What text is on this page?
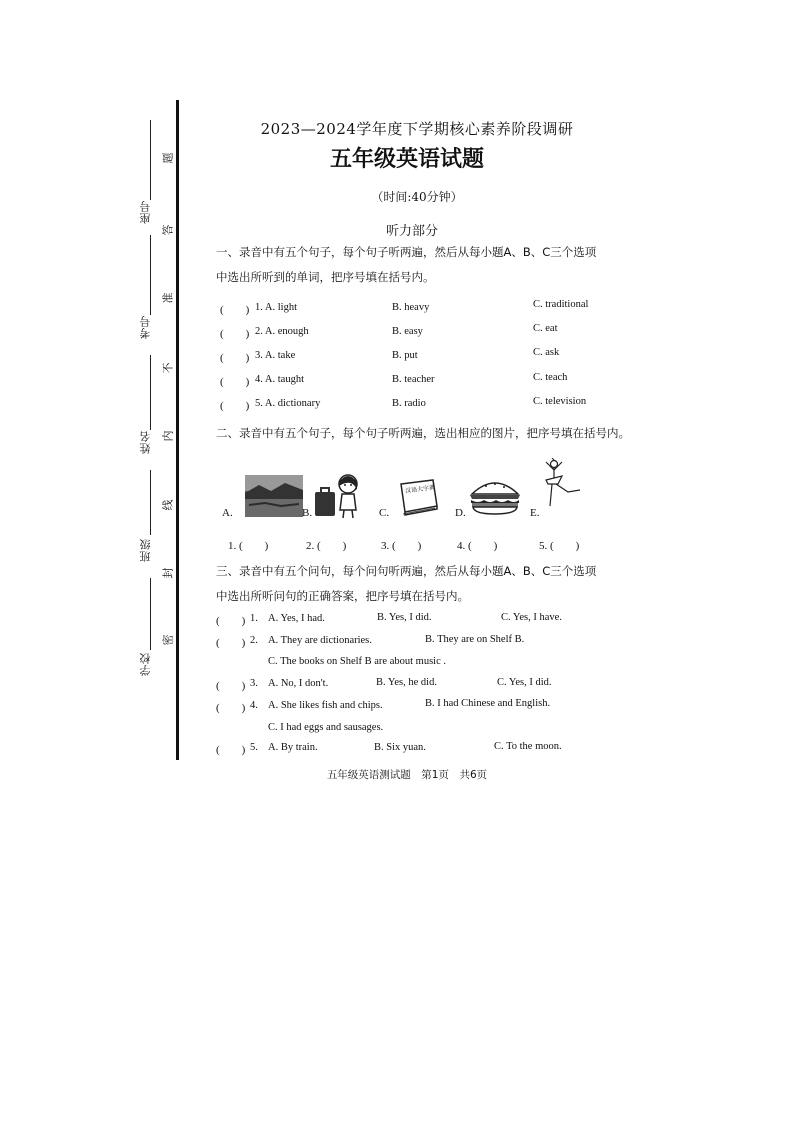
座号
考号
姓名
班级
学校
题
答
准
不
内
线
封
密
2023—2024学年度下学期核心素养阶段调研
五年级英语试题
（时间:40分钟）
听力部分
一、录音中有五个句子，每个句子听两遍，然后从每小题A、B、C三个选项
中选出所听到的单词，把序号填在括号内。
(　　) 1. A. light	B. heavy	C. traditional
(　　) 2. A. enough	B. easy	C. eat
(　　) 3. A. take	B. put	C. ask
(　　) 4. A. taught	B. teacher	C. teach
(　　) 5. A. dictionary	B. radio	C. television
二、录音中有五个句子，每个句子听两遍，选出相应的图片，把序号填在括号内。
A.	B.	C.
汉语大字典
D.	E.
1. (　　)	2. (　　)	3. (　　)	4. (　　)	5. (　　)
三、录音中有五个问句，每个问句听两遍，然后从每小题A、B、C三个选项
中选出所听问句的正确答案，把序号填在括号内。
(　　) 1. A. Yes, I had.	B. Yes, I did.	C. Yes, I have.
(　　) 2. A. They are dictionaries.	B. They are on Shelf B.
C. The books on Shelf B are about music .
(　　) 3. A. No, I don't.	B. Yes, he did.	C. Yes, I did.
(　　) 4. A. She likes fish and chips.	B. I had Chinese and English.
C. I had eggs and sausages.
(　　) 5. A. By train.	B. Six yuan.	C. To the moon.
五年级英语测试题　第1页　共6页
